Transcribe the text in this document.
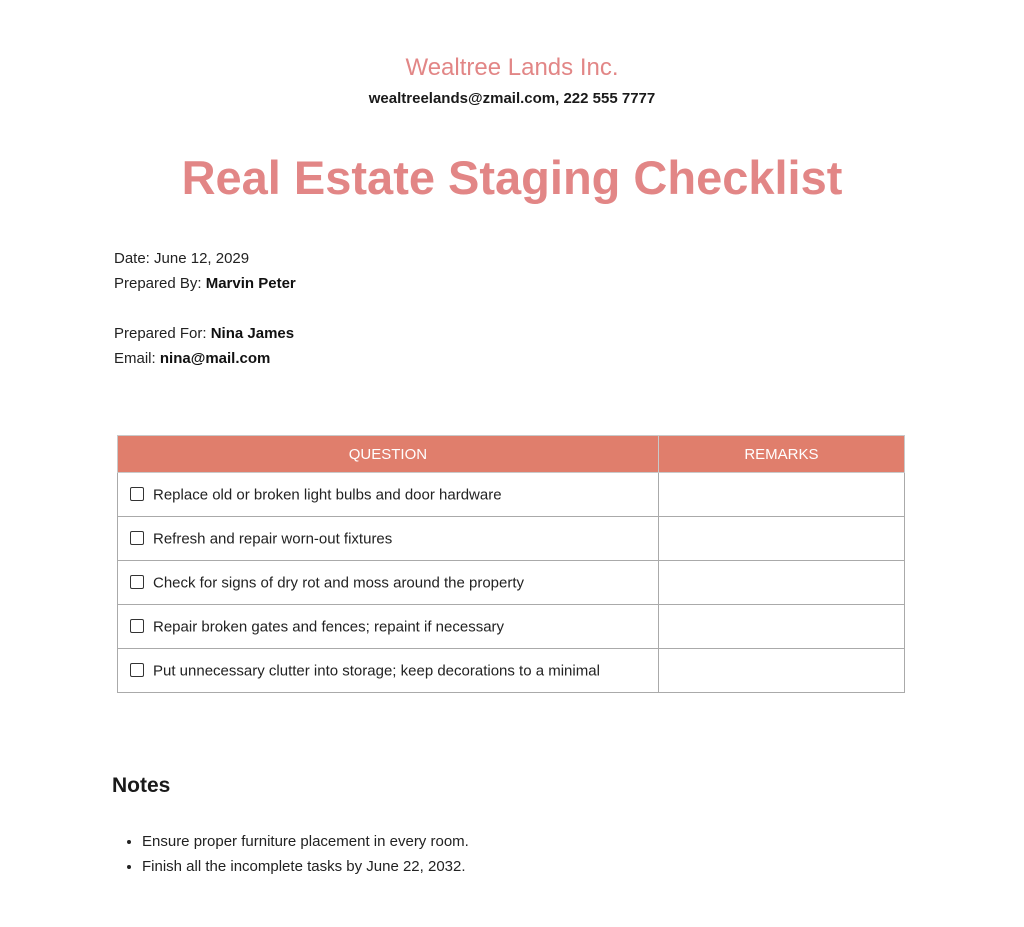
Wealtree Lands Inc.
wealtreelands@zmail.com, 222 555 7777
Real Estate Staging Checklist
Date: June 12, 2029
Prepared By: Marvin Peter
Prepared For: Nina James
Email: nina@mail.com
QUESTION	REMARKS
Replace old or broken light bulbs and door hardware	
Refresh and repair worn-out fixtures	
Check for signs of dry rot and moss around the property	
Repair broken gates and fences; repaint if necessary	
Put unnecessary clutter into storage; keep decorations to a minimal	
Notes
• Ensure proper furniture placement in every room.
• Finish all the incomplete tasks by June 22, 2032.
